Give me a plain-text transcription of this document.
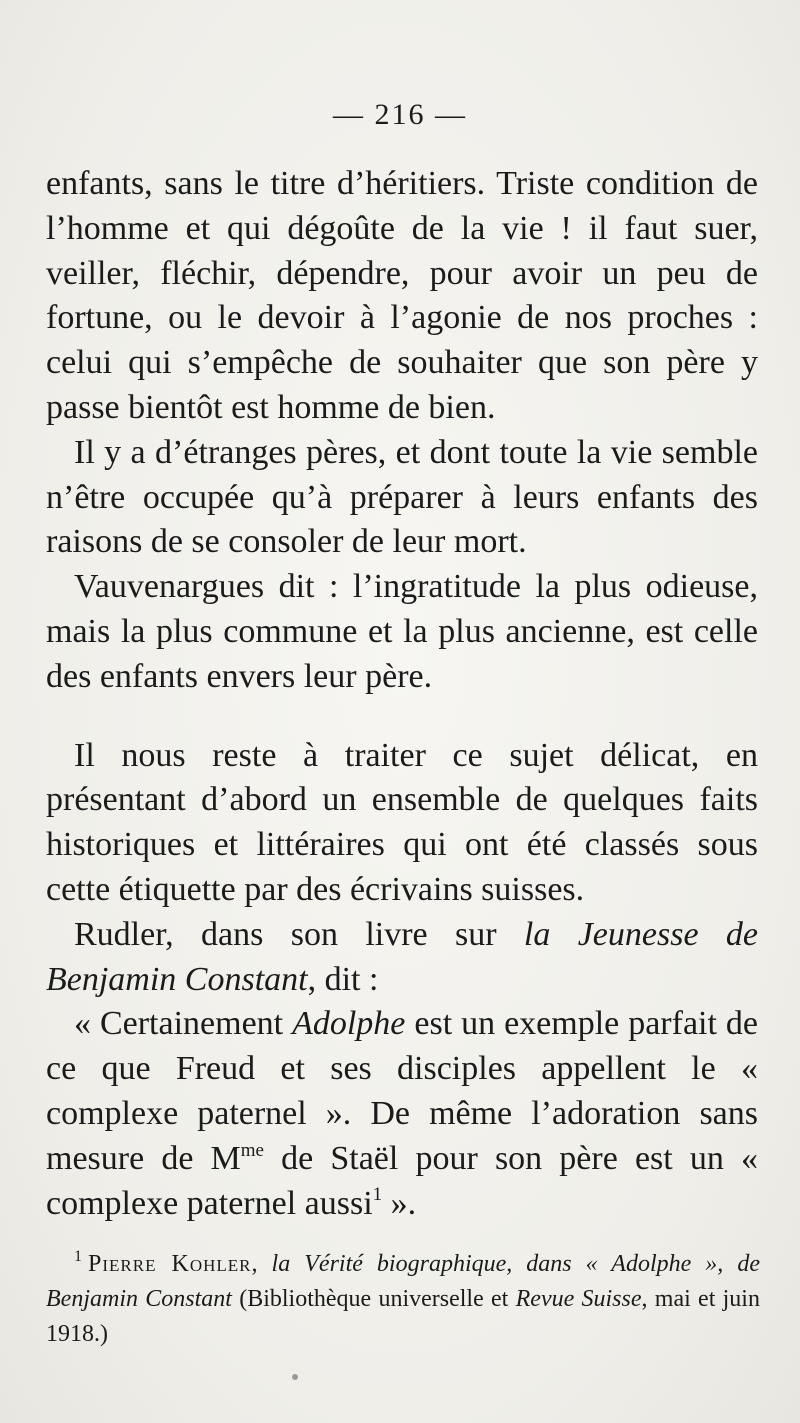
— 216 —

enfants, sans le titre d’héritiers. Triste condition de l’homme et qui dégoûte de la vie ! il faut suer, veiller, fléchir, dépendre, pour avoir un peu de fortune, ou le devoir à l’agonie de nos proches : celui qui s’empêche de souhaiter que son père y passe bientôt est homme de bien.

Il y a d’étranges pères, et dont toute la vie semble n’être occupée qu’à préparer à leurs enfants des raisons de se consoler de leur mort.

Vauvenargues dit : l’ingratitude la plus odieuse, mais la plus commune et la plus ancienne, est celle des enfants envers leur père.

Il nous reste à traiter ce sujet délicat, en présentant d’abord un ensemble de quelques faits historiques et littéraires qui ont été classés sous cette étiquette par des écrivains suisses.

Rudler, dans son livre sur la Jeunesse de Benjamin Constant, dit :

« Certainement Adolphe est un exemple parfait de ce que Freud et ses disciples appellent le « complexe paternel ». De même l’adoration sans mesure de $M^{me}$ de Staël pour son père est un « complexe paternel aussi$^1$ ».

$^1$ Pierre Kohler, la Vérité biographique, dans « Adolphe », de Benjamin Constant (Bibliothèque universelle et Revue Suisse, mai et juin 1918.)
